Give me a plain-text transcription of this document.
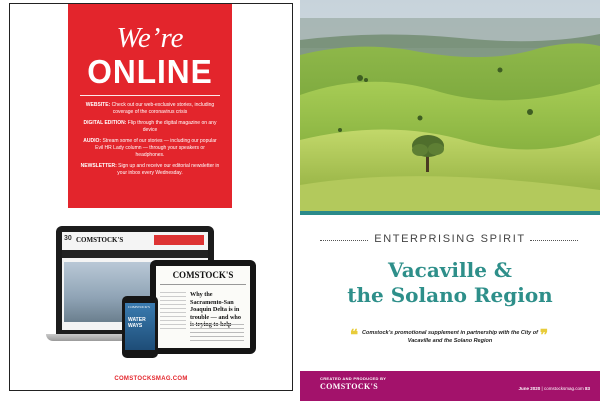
We’re
ONLINE
WEBSITE: Check out our web-exclusive stories, including coverage of the coronavirus crisis
DIGITAL EDITION: Flip through the digital magazine on any device
AUDIO: Stream some of our stories — including our popular Evil HR Lady column — through your speakers or headphones.
NEWSLETTER: Sign up and receive our editorial newsletter in your inbox every Wednesday.
30 COMSTOCK'S
COMSTOCK'S
Why the Sacramento-San Joaquin Delta is in trouble — and who
COMSTOCK'S
WATER WAYS
COMSTOCKSMAG.COM
ENTERPRISING SPIRIT
Vacaville &
the Solano Region
❝ Comstock’s promotional supplement in partnership with the City of Vacaville and the Solano Region	❞
CREATED AND PRODUCED BY
COMSTOCK'S	June 2020 | comstocksmag.com 83
